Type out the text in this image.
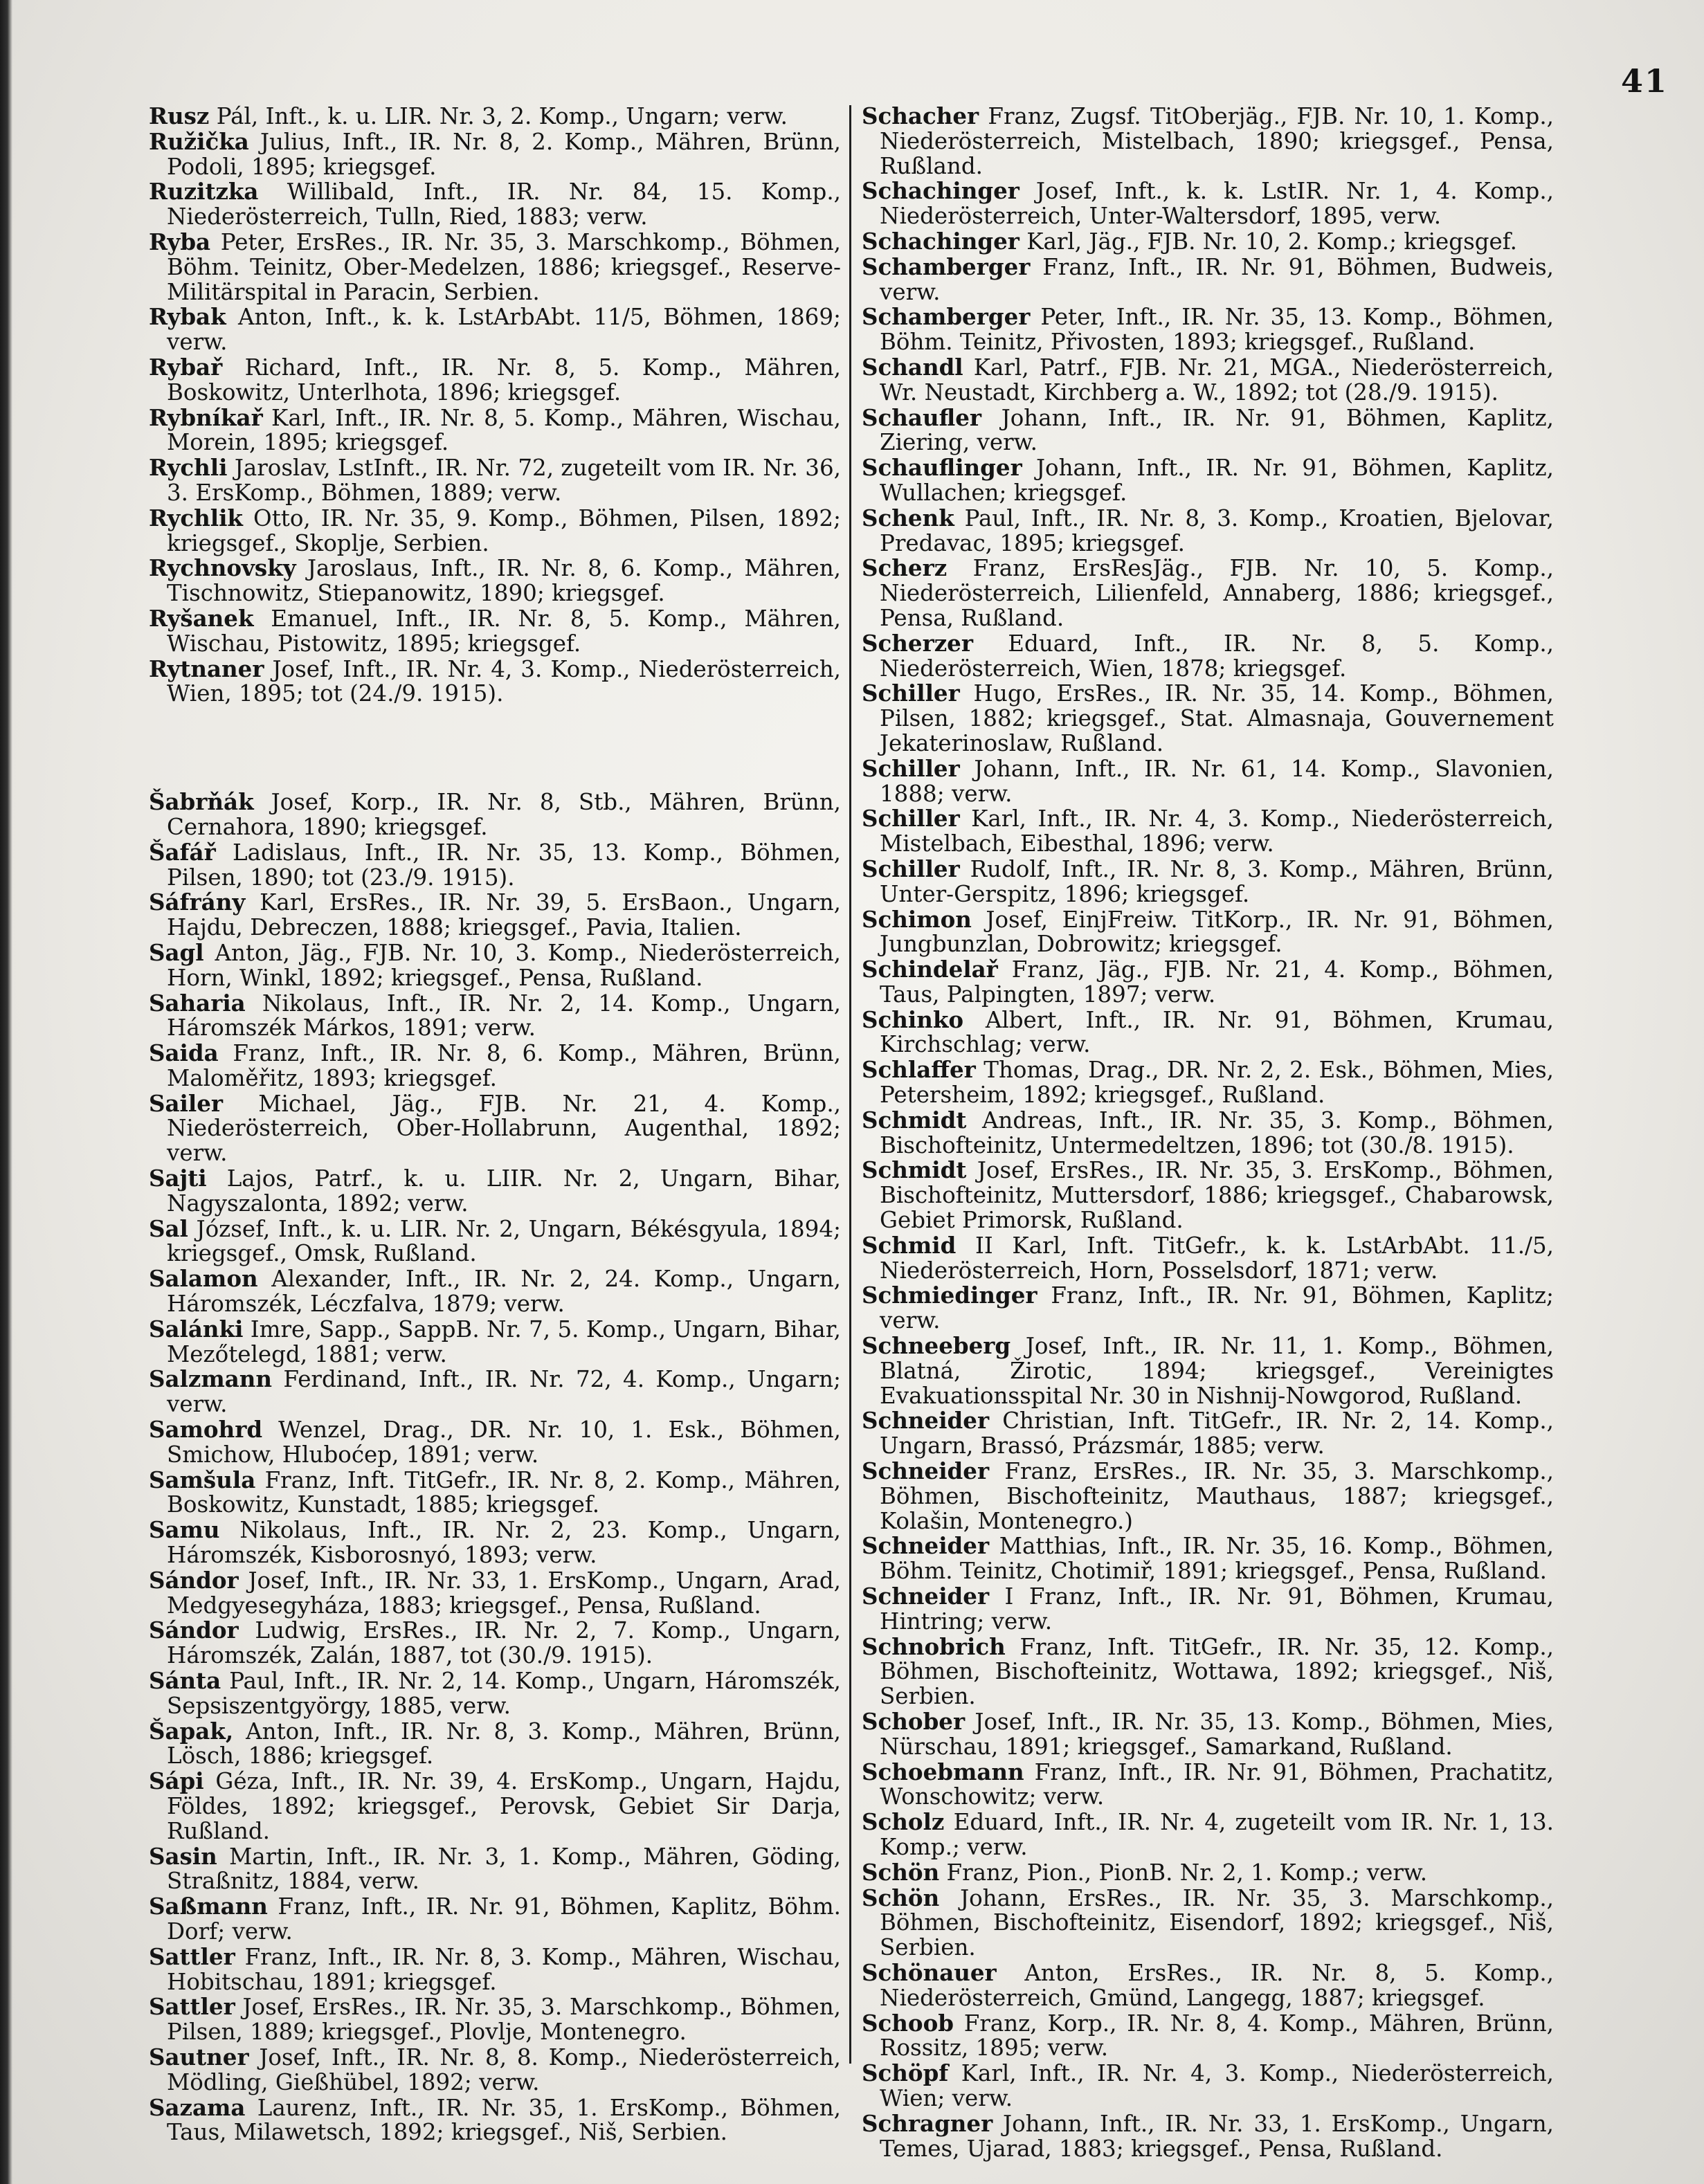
41

Rusz Pál, Inft., k. u. LIR. Nr. 3, 2. Komp., Ungarn; verw.

Ružička Julius, Inft., IR. Nr. 8, 2. Komp., Mähren, Brünn, Podoli, 1895; kriegsgef.

Ruzitzka Willibald, Inft., IR. Nr. 84, 15. Komp., Niederösterreich, Tulln, Ried, 1883; verw.

Ryba Peter, ErsRes., IR. Nr. 35, 3. Marschkomp., Böhmen, Böhm. Teinitz, Ober-Medelzen, 1886; kriegsgef., Reserve-Militärspital in Paracin, Serbien.

Rybak Anton, Inft., k. k. LstArbAbt. 11/5, Böhmen, 1869; verw.

Rybař Richard, Inft., IR. Nr. 8, 5. Komp., Mähren, Boskowitz, Unterlhota, 1896; kriegsgef.

Rybníkař Karl, Inft., IR. Nr. 8, 5. Komp., Mähren, Wischau, Morein, 1895; kriegsgef.

Rychli Jaroslav, LstInft., IR. Nr. 72, zugeteilt vom IR. Nr. 36, 3. ErsKomp., Böhmen, 1889; verw.

Rychlik Otto, IR. Nr. 35, 9. Komp., Böhmen, Pilsen, 1892; kriegsgef., Skoplje, Serbien.

Rychnovsky Jaroslaus, Inft., IR. Nr. 8, 6. Komp., Mähren, Tischnowitz, Stiepanowitz, 1890; kriegsgef.

Ryšanek Emanuel, Inft., IR. Nr. 8, 5. Komp., Mähren, Wischau, Pistowitz, 1895; kriegsgef.

Rytnaner Josef, Inft., IR. Nr. 4, 3. Komp., Niederösterreich, Wien, 1895; tot (24./9. 1915).

Šabrňák Josef, Korp., IR. Nr. 8, Stb., Mähren, Brünn, Cernahora, 1890; kriegsgef.

Šafář Ladislaus, Inft., IR. Nr. 35, 13. Komp., Böhmen, Pilsen, 1890; tot (23./9. 1915).

Sáfrány Karl, ErsRes., IR. Nr. 39, 5. ErsBaon., Ungarn, Hajdu, Debreczen, 1888; kriegsgef., Pavia, Italien.

Sagl Anton, Jäg., FJB. Nr. 10, 3. Komp., Niederösterreich, Horn, Winkl, 1892; kriegsgef., Pensa, Rußland.

Saharia Nikolaus, Inft., IR. Nr. 2, 14. Komp., Ungarn, Háromszék Márkos, 1891; verw.

Saida Franz, Inft., IR. Nr. 8, 6. Komp., Mähren, Brünn, Maloměřitz, 1893; kriegsgef.

Sailer Michael, Jäg., FJB. Nr. 21, 4. Komp., Niederösterreich, Ober-Hollabrunn, Augenthal, 1892; verw.

Sajti Lajos, Patrf., k. u. LIIR. Nr. 2, Ungarn, Bihar, Nagyszalonta, 1892; verw.

Sal József, Inft., k. u. LIR. Nr. 2, Ungarn, Békésgyula, 1894; kriegsgef., Omsk, Rußland.

Salamon Alexander, Inft., IR. Nr. 2, 24. Komp., Ungarn, Háromszék, Léczfalva, 1879; verw.

Salánki Imre, Sapp., SappB. Nr. 7, 5. Komp., Ungarn, Bihar, Mezőtelegd, 1881; verw.

Salzmann Ferdinand, Inft., IR. Nr. 72, 4. Komp., Ungarn; verw.

Samohrd Wenzel, Drag., DR. Nr. 10, 1. Esk., Böhmen, Smichow, Hluboćep, 1891; verw.

Samšula Franz, Inft. TitGefr., IR. Nr. 8, 2. Komp., Mähren, Boskowitz, Kunstadt, 1885; kriegsgef.

Samu Nikolaus, Inft., IR. Nr. 2, 23. Komp., Ungarn, Háromszék, Kisborosnyó, 1893; verw.

Sándor Josef, Inft., IR. Nr. 33, 1. ErsKomp., Ungarn, Arad, Medgyesegyháza, 1883; kriegsgef., Pensa, Rußland.

Sándor Ludwig, ErsRes., IR. Nr. 2, 7. Komp., Ungarn, Háromszék, Zalán, 1887, tot (30./9. 1915).

Sánta Paul, Inft., IR. Nr. 2, 14. Komp., Ungarn, Háromszék, Sepsiszentgyörgy, 1885, verw.

Šapak, Anton, Inft., IR. Nr. 8, 3. Komp., Mähren, Brünn, Lösch, 1886; kriegsgef.

Sápi Géza, Inft., IR. Nr. 39, 4. ErsKomp., Ungarn, Hajdu, Földes, 1892; kriegsgef., Perovsk, Gebiet Sir Darja, Rußland.

Sasin Martin, Inft., IR. Nr. 3, 1. Komp., Mähren, Göding, Straßnitz, 1884, verw.

Saßmann Franz, Inft., IR. Nr. 91, Böhmen, Kaplitz, Böhm. Dorf; verw.

Sattler Franz, Inft., IR. Nr. 8, 3. Komp., Mähren, Wischau, Hobitschau, 1891; kriegsgef.

Sattler Josef, ErsRes., IR. Nr. 35, 3. Marschkomp., Böhmen, Pilsen, 1889; kriegsgef., Plovlje, Montenegro.

Sautner Josef, Inft., IR. Nr. 8, 8. Komp., Niederösterreich, Mödling, Gießhübel, 1892; verw.

Sazama Laurenz, Inft., IR. Nr. 35, 1. ErsKomp., Böhmen, Taus, Milawetsch, 1892; kriegsgef., Niš, Serbien.

Schacher Franz, Zugsf. TitOberjäg., FJB. Nr. 10, 1. Komp., Niederösterreich, Mistelbach, 1890; kriegsgef., Pensa, Rußland.

Schachinger Josef, Inft., k. k. LstIR. Nr. 1, 4. Komp., Niederösterreich, Unter-Waltersdorf, 1895, verw.

Schachinger Karl, Jäg., FJB. Nr. 10, 2. Komp.; kriegsgef.

Schamberger Franz, Inft., IR. Nr. 91, Böhmen, Budweis, verw.

Schamberger Peter, Inft., IR. Nr. 35, 13. Komp., Böhmen, Böhm. Teinitz, Přivosten, 1893; kriegsgef., Rußland.

Schandl Karl, Patrf., FJB. Nr. 21, MGA., Niederösterreich, Wr. Neustadt, Kirchberg a. W., 1892; tot (28./9. 1915).

Schaufler Johann, Inft., IR. Nr. 91, Böhmen, Kaplitz, Ziering, verw.

Schauflinger Johann, Inft., IR. Nr. 91, Böhmen, Kaplitz, Wullachen; kriegsgef.

Schenk Paul, Inft., IR. Nr. 8, 3. Komp., Kroatien, Bjelovar, Predavac, 1895; kriegsgef.

Scherz Franz, ErsResJäg., FJB. Nr. 10, 5. Komp., Niederösterreich, Lilienfeld, Annaberg, 1886; kriegsgef., Pensa, Rußland.

Scherzer Eduard, Inft., IR. Nr. 8, 5. Komp., Niederösterreich, Wien, 1878; kriegsgef.

Schiller Hugo, ErsRes., IR. Nr. 35, 14. Komp., Böhmen, Pilsen, 1882; kriegsgef., Stat. Almasnaja, Gouvernement Jekaterinoslaw, Rußland.

Schiller Johann, Inft., IR. Nr. 61, 14. Komp., Slavonien, 1888; verw.

Schiller Karl, Inft., IR. Nr. 4, 3. Komp., Niederösterreich, Mistelbach, Eibesthal, 1896; verw.

Schiller Rudolf, Inft., IR. Nr. 8, 3. Komp., Mähren, Brünn, Unter-Gerspitz, 1896; kriegsgef.

Schimon Josef, EinjFreiw. TitKorp., IR. Nr. 91, Böhmen, Jungbunzlan, Dobrowitz; kriegsgef.

Schindelař Franz, Jäg., FJB. Nr. 21, 4. Komp., Böhmen, Taus, Palpingten, 1897; verw.

Schinko Albert, Inft., IR. Nr. 91, Böhmen, Krumau, Kirchschlag; verw.

Schlaffer Thomas, Drag., DR. Nr. 2, 2. Esk., Böhmen, Mies, Petersheim, 1892; kriegsgef., Rußland.

Schmidt Andreas, Inft., IR. Nr. 35, 3. Komp., Böhmen, Bischofteinitz, Untermedeltzen, 1896; tot (30./8. 1915).

Schmidt Josef, ErsRes., IR. Nr. 35, 3. ErsKomp., Böhmen, Bischofteinitz, Muttersdorf, 1886; kriegsgef., Chabarowsk, Gebiet Primorsk, Rußland.

Schmid II Karl, Inft. TitGefr., k. k. LstArbAbt. 11./5, Niederösterreich, Horn, Posselsdorf, 1871; verw.

Schmiedinger Franz, Inft., IR. Nr. 91, Böhmen, Kaplitz; verw.

Schneeberg Josef, Inft., IR. Nr. 11, 1. Komp., Böhmen, Blatná, Žirotic, 1894; kriegsgef., Vereinigtes Evakuationsspital Nr. 30 in Nishnij-Nowgorod, Rußland.

Schneider Christian, Inft. TitGefr., IR. Nr. 2, 14. Komp., Ungarn, Brassó, Prázsmár, 1885; verw.

Schneider Franz, ErsRes., IR. Nr. 35, 3. Marschkomp., Böhmen, Bischofteinitz, Mauthaus, 1887; kriegsgef., Kolašin, Montenegro.)

Schneider Matthias, Inft., IR. Nr. 35, 16. Komp., Böhmen, Böhm. Teinitz, Chotimiř, 1891; kriegsgef., Pensa, Rußland.

Schneider I Franz, Inft., IR. Nr. 91, Böhmen, Krumau, Hintring; verw.

Schnobrich Franz, Inft. TitGefr., IR. Nr. 35, 12. Komp., Böhmen, Bischofteinitz, Wottawa, 1892; kriegsgef., Niš, Serbien.

Schober Josef, Inft., IR. Nr. 35, 13. Komp., Böhmen, Mies, Nürschau, 1891; kriegsgef., Samarkand, Rußland.

Schoebmann Franz, Inft., IR. Nr. 91, Böhmen, Prachatitz, Wonschowitz; verw.

Scholz Eduard, Inft., IR. Nr. 4, zugeteilt vom IR. Nr. 1, 13. Komp.; verw.

Schön Franz, Pion., PionB. Nr. 2, 1. Komp.; verw.

Schön Johann, ErsRes., IR. Nr. 35, 3. Marschkomp., Böhmen, Bischofteinitz, Eisendorf, 1892; kriegsgef., Niš, Serbien.

Schönauer Anton, ErsRes., IR. Nr. 8, 5. Komp., Niederösterreich, Gmünd, Langegg, 1887; kriegsgef.

Schoob Franz, Korp., IR. Nr. 8, 4. Komp., Mähren, Brünn, Rossitz, 1895; verw.

Schöpf Karl, Inft., IR. Nr. 4, 3. Komp., Niederösterreich, Wien; verw.

Schragner Johann, Inft., IR. Nr. 33, 1. ErsKomp., Ungarn, Temes, Ujarad, 1883; kriegsgef., Pensa, Rußland.
